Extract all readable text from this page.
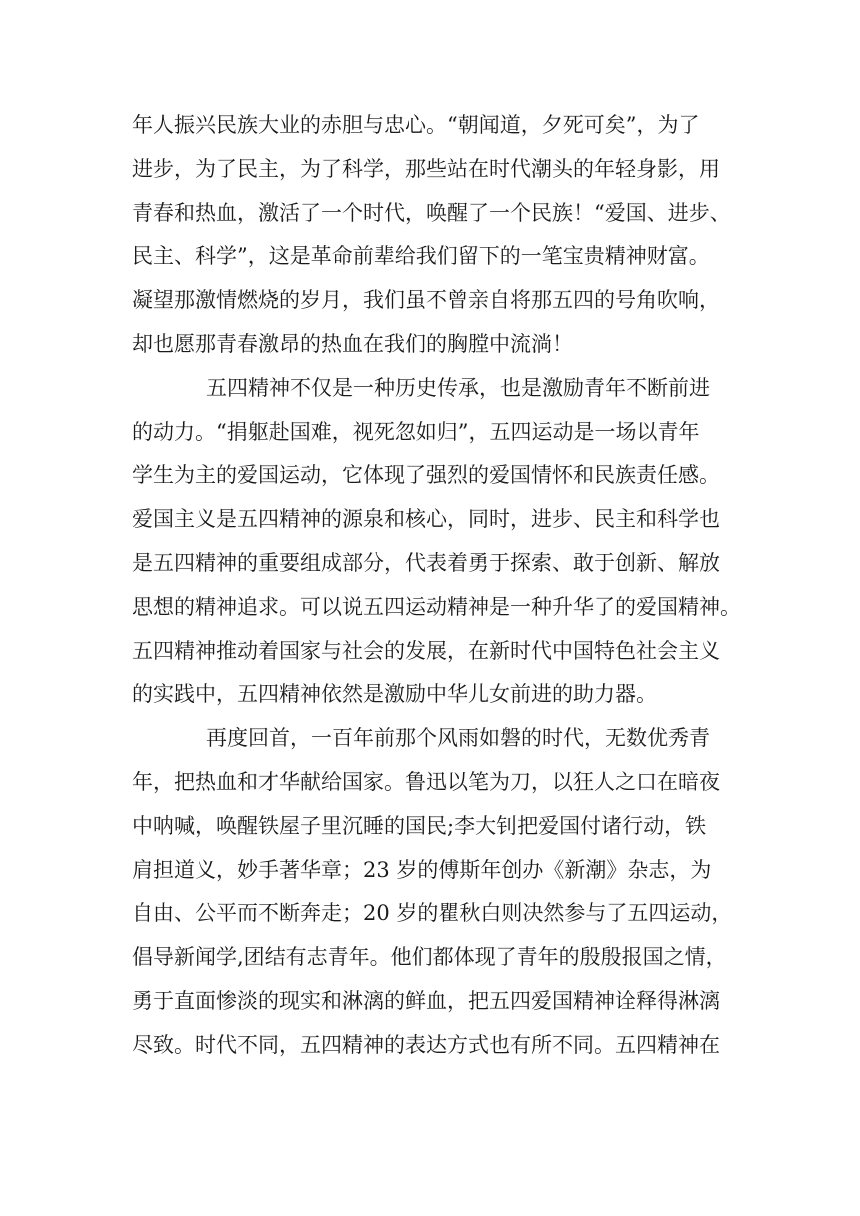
年人振兴民族大业的赤胆与忠心。“朝闻道，夕死可矣”，为了
进步，为了民主，为了科学，那些站在时代潮头的年轻身影，用
青春和热血，激活了一个时代，唤醒了一个民族！“爱国、进步、
民主、科学”，这是革命前辈给我们留下的一笔宝贵精神财富。
凝望那激情燃烧的岁月，我们虽不曾亲自将那五四的号角吹响，
却也愿那青春激昂的热血在我们的胸膛中流淌！
五四精神不仅是一种历史传承，也是激励青年不断前进
的动力。“捐躯赴国难，视死忽如归”，五四运动是一场以青年
学生为主的爱国运动，它体现了强烈的爱国情怀和民族责任感。
爱国主义是五四精神的源泉和核心，同时，进步、民主和科学也
是五四精神的重要组成部分，代表着勇于探索、敢于创新、解放
思想的精神追求。可以说五四运动精神是一种升华了的爱国精神。
五四精神推动着国家与社会的发展，在新时代中国特色社会主义
的实践中，五四精神依然是激励中华儿女前进的助力器。
再度回首，一百年前那个风雨如磐的时代，无数优秀青
年，把热血和才华献给国家。鲁迅以笔为刀，以狂人之口在暗夜
中呐喊，唤醒铁屋子里沉睡的国民;李大钊把爱国付诸行动，铁
肩担道义，妙手著华章；23 岁的傅斯年创办《新潮》杂志，为
自由、公平而不断奔走；20 岁的瞿秋白则决然参与了五四运动，
倡导新闻学,团结有志青年。他们都体现了青年的殷殷报国之情，
勇于直面惨淡的现实和淋漓的鲜血，把五四爱国精神诠释得淋漓
尽致。时代不同，五四精神的表达方式也有所不同。五四精神在
